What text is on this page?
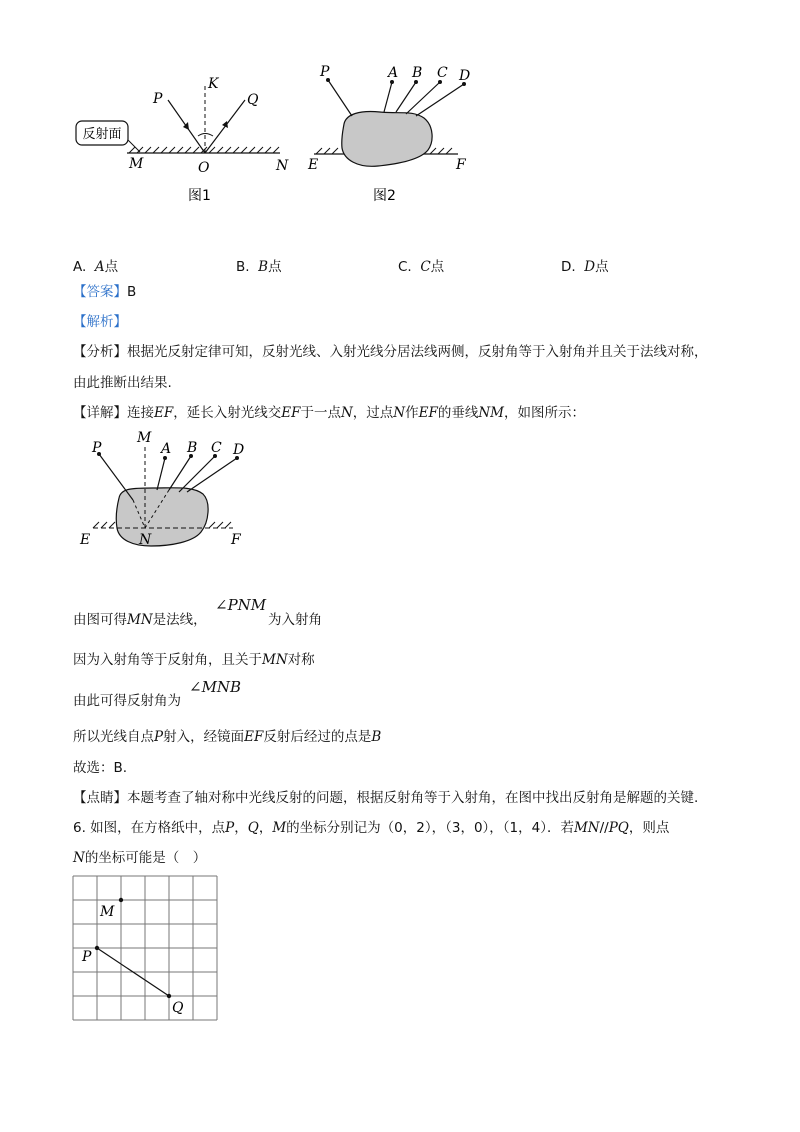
反射面
P
K
Q
M	O	N
图1
P	A B C D
E	F
图2
A. A点	B. B点	C. C点	D. D点
【答案】B
【解析】
【分析】根据光反射定律可知，反射光线、入射光线分居法线两侧，反射角等于入射角并且关于法线对称，
由此推断出结果.
【详解】连接EF，延长入射光线交EF于一点N，过点N作EF的垂线NM，如图所示：
P
M
A B C D
E	N	F
由图可得MN是法线，
∠PNM
为入射角
因为入射角等于反射角，且关于MN对称
由此可得反射角为
∠MNB
所以光线自点P射入，经镜面EF反射后经过的点是B
故选：B.
【点睛】本题考查了轴对称中光线反射的问题，根据反射角等于入射角，在图中找出反射角是解题的关键.
6. 如图，在方格纸中，点P，Q，M的坐标分别记为（0，2），（3，0），（1，4）．若MN//PQ，则点
N的坐标可能是（　）
M
P
Q
